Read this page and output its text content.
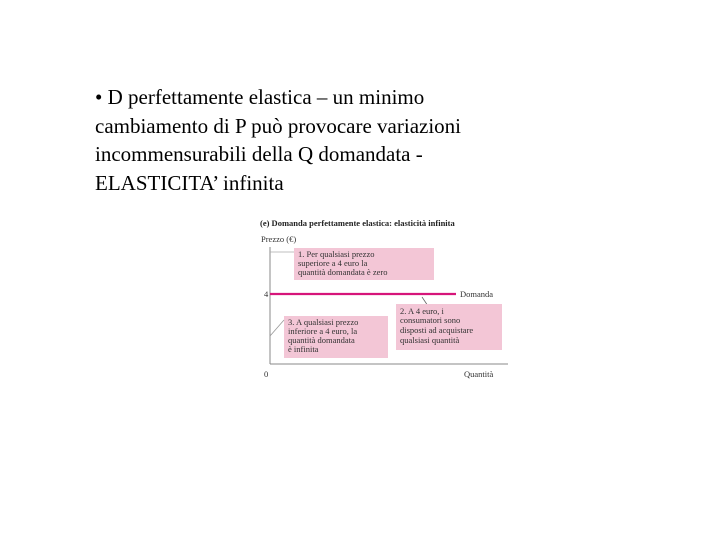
• D perfettamente elastica – un minimo
cambiamento di P può provocare variazioni
incommensurabili della Q domandata -
ELASTICITA’ infinita
(e) Domanda perfettamente elastica: elasticità infinita
Prezzo (€)
0	Quantità
4
1. Per qualsiasi prezzo
superiore a 4 euro la
quantità domandata è zero
Domanda
2. A 4 euro, i
consumatori sono
disposti ad acquistare
qualsiasi quantità
3. A qualsiasi prezzo
inferiore a 4 euro, la
quantità domandata
è infinita
